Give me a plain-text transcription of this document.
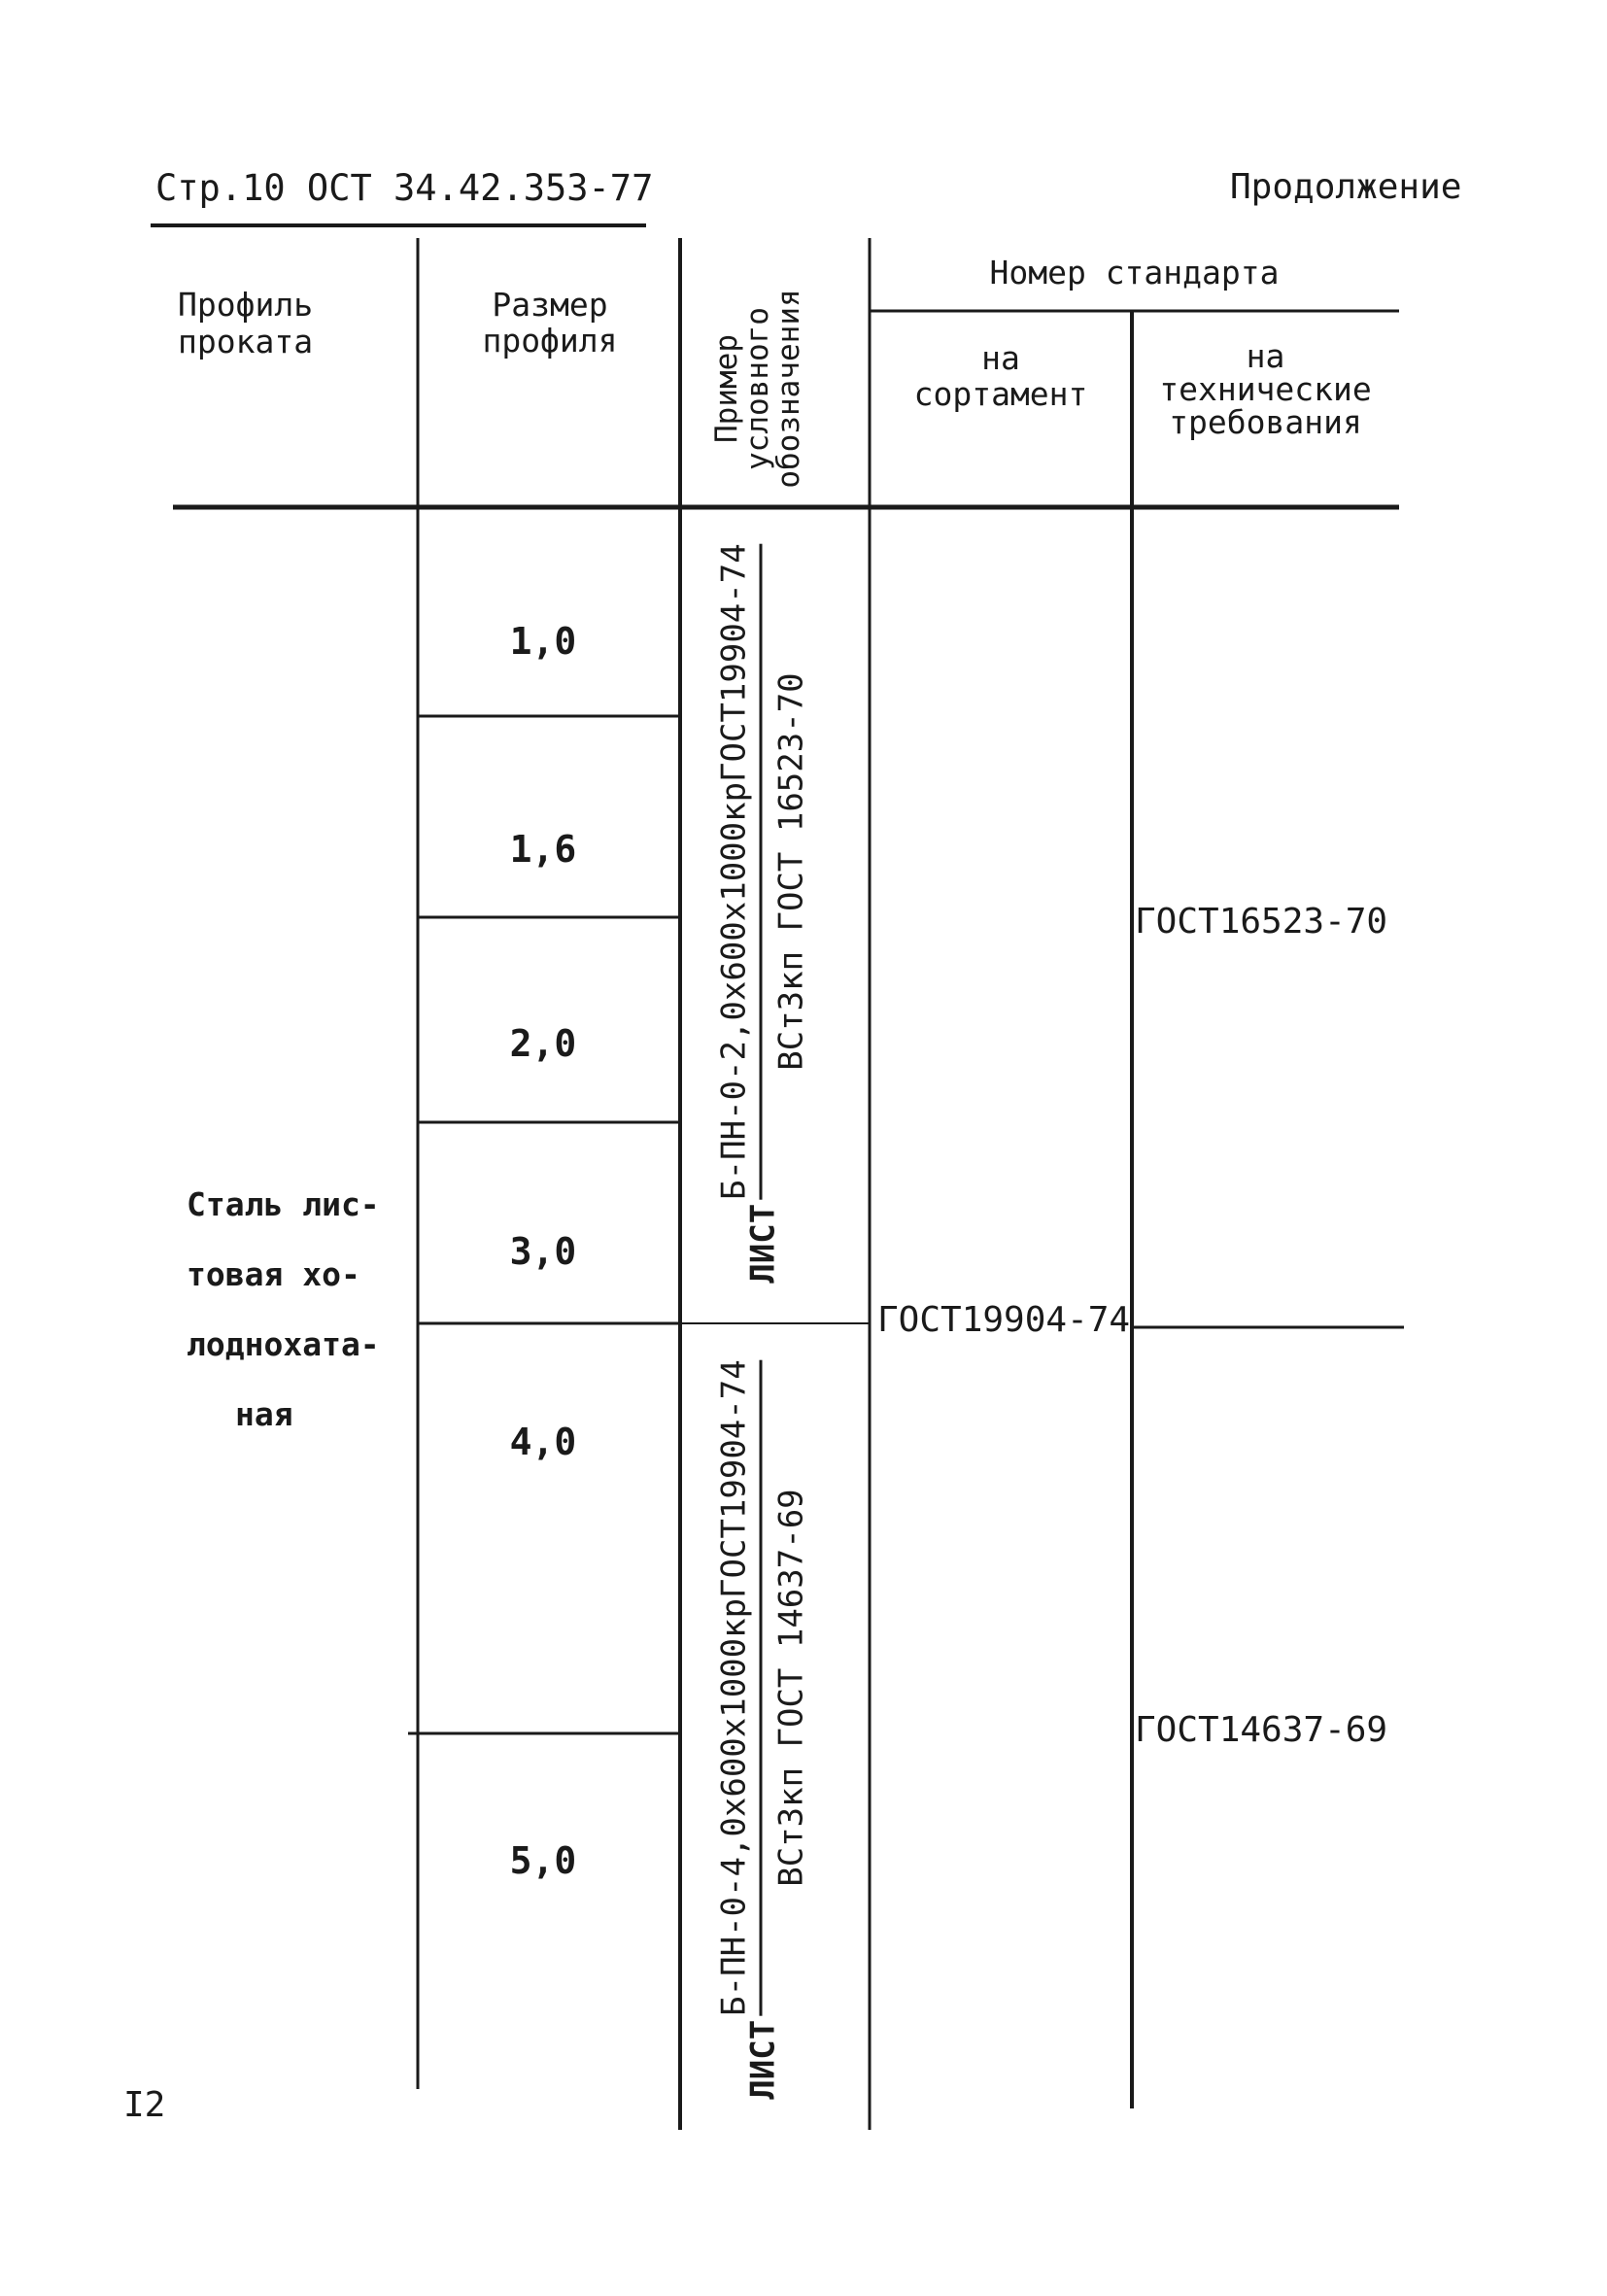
Стр.10 ОСТ 34.42.353-77	Продолжение
Профиль
проката
Размер
профиля	Пример
условного
обозначения
Номер стандарта
на
сортамент
на
технические
требования
Сталь лис-
товая хо-
лоднохата-
ная
1,0
1,6
2,0
3,0
4,0
5,0
ЛИСТ
Б-ПН-0-2,0х600х1000крГОСТ19904-74 ВСт3кп ГОСТ 16523-70
ЛИСТ
Б-ПН-0-4,0х600х1000крГОСТ19904-74 ВСт3кп ГОСТ 14637-69
ГОСТ19904-74
ГОСТ16523-70
ГОСТ14637-69
I2
